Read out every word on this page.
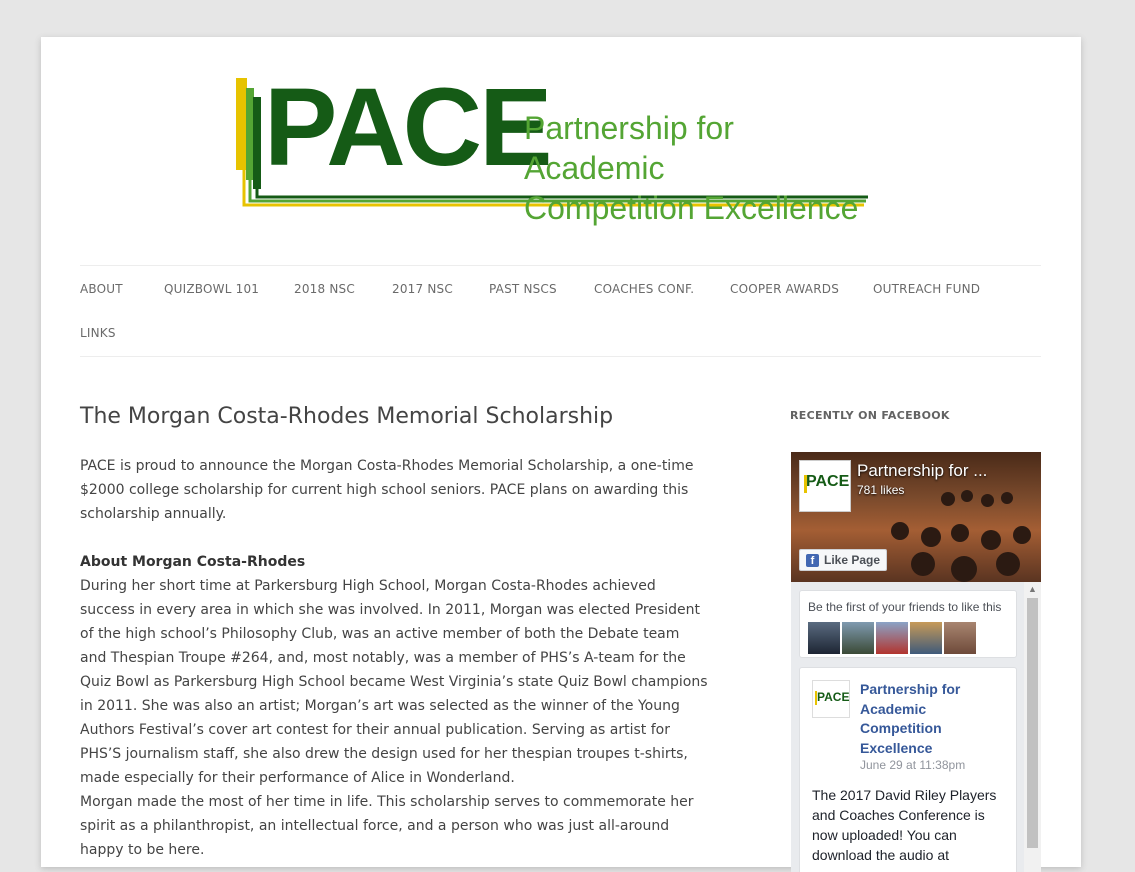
PACE
Partnership for Academic
Competition Excellence
ABOUT	QUIZBOWL 101	2018 NSC	2017 NSC	PAST NSCS	COACHES CONF.	COOPER AWARDS	OUTREACH FUND
LINKS
The Morgan Costa-Rhodes Memorial Scholarship

PACE is proud to announce the Morgan Costa-Rhodes Memorial Scholarship, a one-time $2000 college scholarship for current high school seniors. PACE plans on awarding this scholarship annually.

About Morgan Costa-Rhodes
During her short time at Parkersburg High School, Morgan Costa-Rhodes achieved success in every area in which she was involved. In 2011, Morgan was elected President of the high school’s Philosophy Club, was an active member of both the Debate team and Thespian Troupe #264, and, most notably, was a member of PHS’s A-team for the Quiz Bowl as Parkersburg High School became West Virginia’s state Quiz Bowl champions in 2011. She was also an artist; Morgan’s art was selected as the winner of the Young Authors Festival’s cover art contest for their annual publication. Serving as artist for PHS’S journalism staff, she also drew the design used for her thespian troupes t-shirts, made especially for their performance of Alice in Wonderland.

Morgan made the most of her time in life. This scholarship serves to commemorate her spirit as a philanthropist, an intellectual force, and a person who was just all-around happy to be here.

RECENTLY ON FACEBOOK
PACE
Partnership for ...
781 likes
f Like Page
Be the first of your friends to like this
PACE Partnership for Academic Competition Excellence
June 29 at 11:38pm
The 2017 David Riley Players and Coaches Conference is now uploaded! You can download the audio at
▲
